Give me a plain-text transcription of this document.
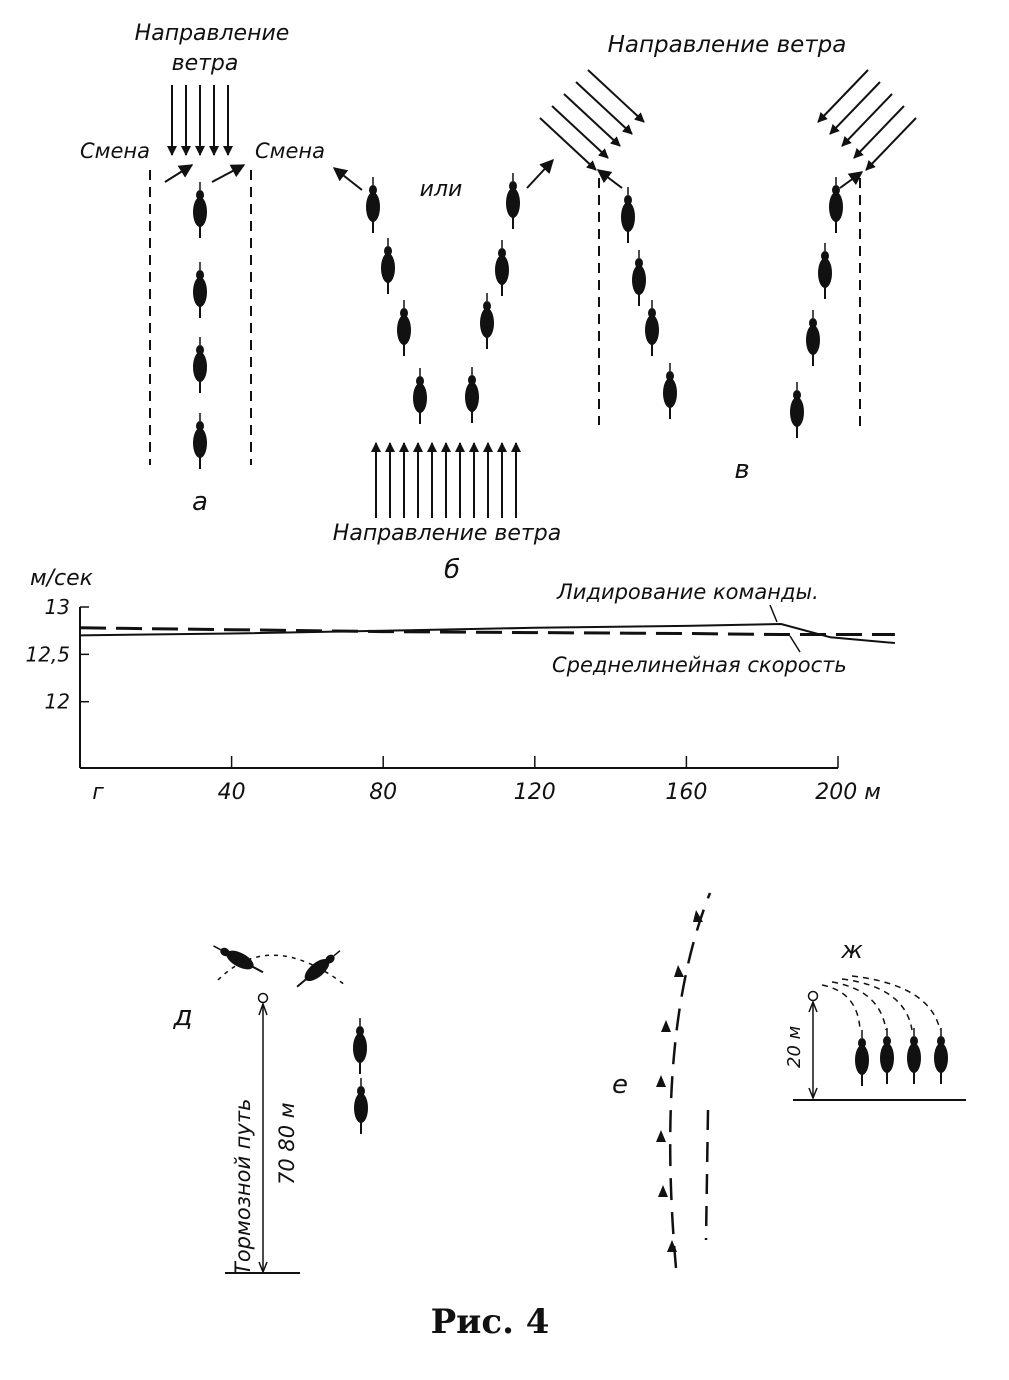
Направление
ветра
Смена	Смена
а
или
Направление ветра
б
Направление ветра
в
м/сек
40	80	120	160	200 м
12
12,5
13
Лидирование команды.
Среднелинейная скорость
г
д
Тормозной путь 70 80 м
е
ж
20 м
Рис. 4
